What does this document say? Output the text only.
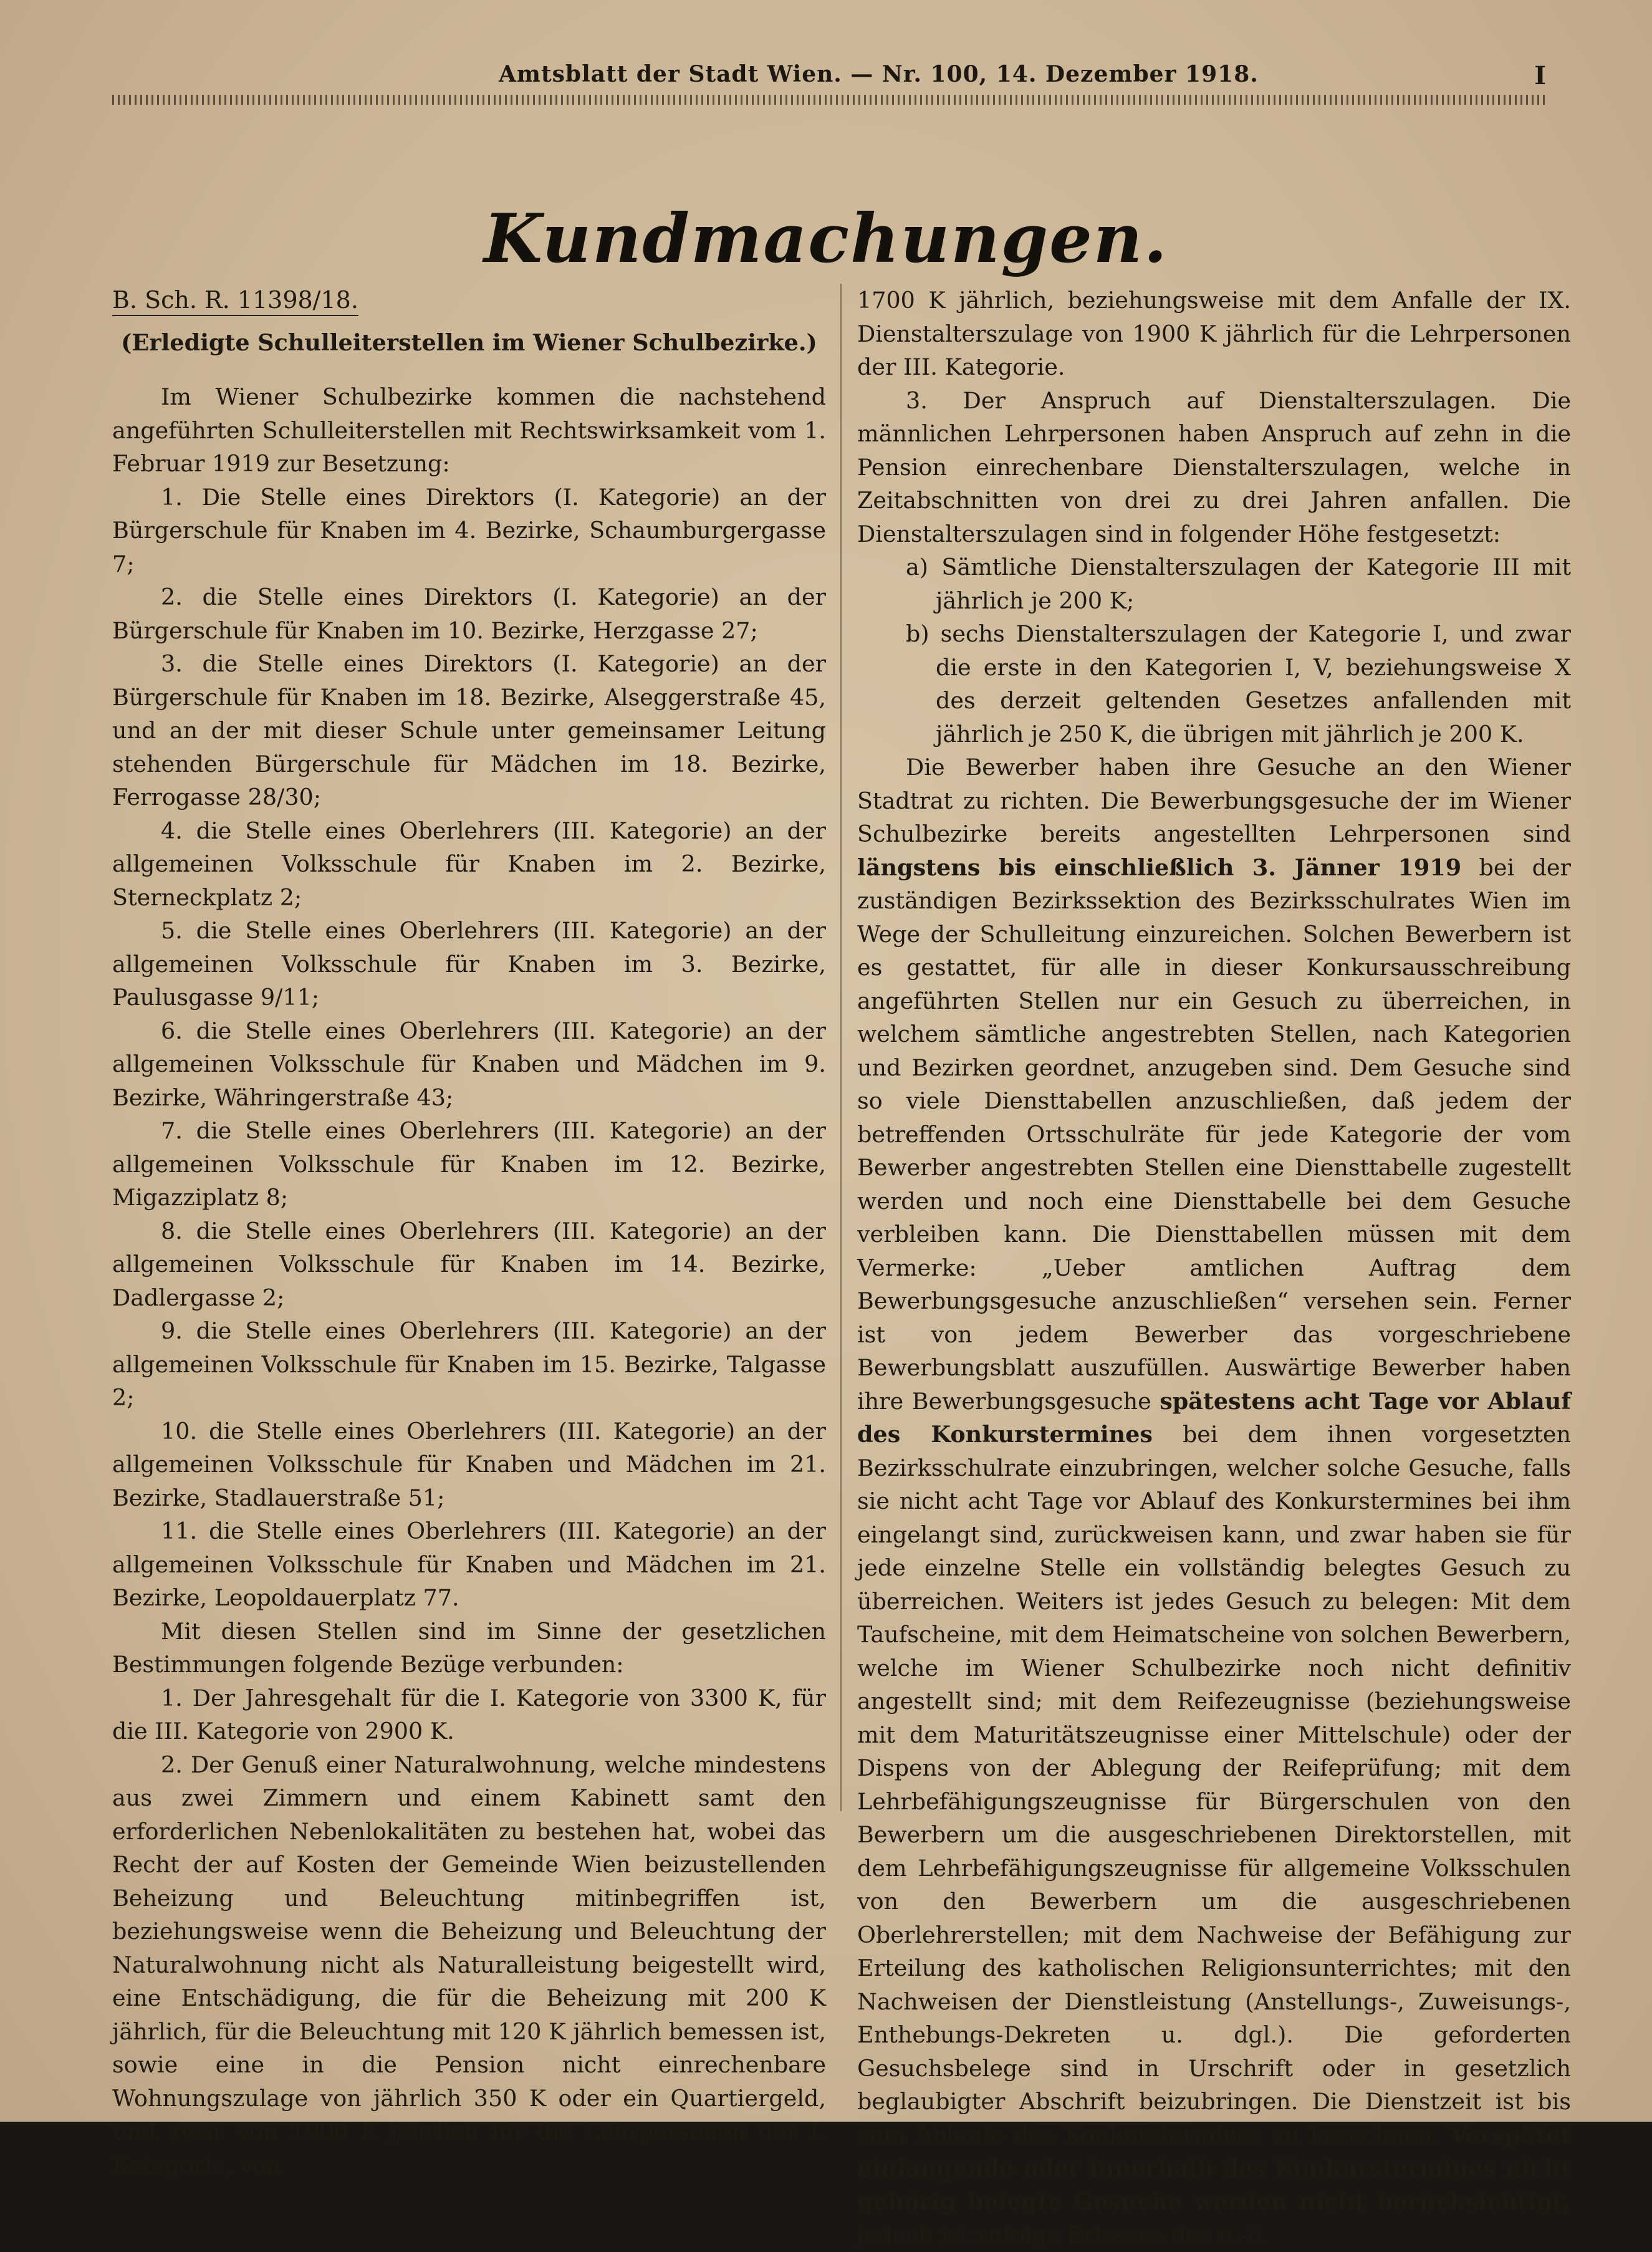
Amtsblatt der Stadt Wien. — Nr. 100, 14. Dezember 1918.	I
Kundmachungen.

B. Sch. R. 11398/18.

(Erledigte Schulleiterstellen im Wiener Schulbezirke.)

Im Wiener Schulbezirke kommen die nachstehend angeführten Schulleiterstellen mit Rechtswirksamkeit vom 1. Februar 1919 zur Besetzung:

1. Die Stelle eines Direktors (I. Kategorie) an der Bürgerschule für Knaben im 4. Bezirke, Schaumburgergasse 7;

2. die Stelle eines Direktors (I. Kategorie) an der Bürgerschule für Knaben im 10. Bezirke, Herzgasse 27;

3. die Stelle eines Direktors (I. Kategorie) an der Bürgerschule für Knaben im 18. Bezirke, Alseggerstraße 45, und an der mit dieser Schule unter gemeinsamer Leitung stehenden Bürgerschule für Mädchen im 18. Bezirke, Ferrogasse 28/30;

4. die Stelle eines Oberlehrers (III. Kategorie) an der allgemeinen Volksschule für Knaben im 2. Bezirke, Sterneckplatz 2;

5. die Stelle eines Oberlehrers (III. Kategorie) an der allgemeinen Volksschule für Knaben im 3. Bezirke, Paulusgasse 9/11;

6. die Stelle eines Oberlehrers (III. Kategorie) an der allgemeinen Volksschule für Knaben und Mädchen im 9. Bezirke, Währingerstraße 43;

7. die Stelle eines Oberlehrers (III. Kategorie) an der allgemeinen Volksschule für Knaben im 12. Bezirke, Migazziplatz 8;

8. die Stelle eines Oberlehrers (III. Kategorie) an der allgemeinen Volksschule für Knaben im 14. Bezirke, Dadlergasse 2;

9. die Stelle eines Oberlehrers (III. Kategorie) an der allgemeinen Volksschule für Knaben im 15. Bezirke, Talgasse 2;

10. die Stelle eines Oberlehrers (III. Kategorie) an der allgemeinen Volksschule für Knaben und Mädchen im 21. Bezirke, Stadlauerstraße 51;

11. die Stelle eines Oberlehrers (III. Kategorie) an der allgemeinen Volksschule für Knaben und Mädchen im 21. Bezirke, Leopoldauerplatz 77.

Mit diesen Stellen sind im Sinne der gesetzlichen Bestimmungen folgende Bezüge verbunden:

1. Der Jahresgehalt für die I. Kategorie von 3300 K, für die III. Kategorie von 2900 K.

2. Der Genuß einer Naturalwohnung, welche mindestens aus zwei Zimmern und einem Kabinett samt den erforderlichen Nebenlokalitäten zu bestehen hat, wobei das Recht der auf Kosten der Gemeinde Wien beizustellenden Beheizung und Beleuchtung mitinbegriffen ist, beziehungsweise wenn die Beheizung und Beleuchtung der Naturalwohnung nicht als Naturalleistung beigestellt wird, eine Entschädigung, die für die Beheizung mit 200 K jährlich, für die Beleuchtung mit 120 K jährlich bemessen ist, sowie eine in die Pension nicht einrechenbare Wohnungszulage von jährlich 350 K oder ein Quartiergeld, und zwar von 1900 K jährlich für die Lehrpersonen der I. Kategorie, von

1700 K jährlich, beziehungsweise mit dem Anfalle der IX. Dienstalterszulage von 1900 K jährlich für die Lehrpersonen der III. Kategorie.

3. Der Anspruch auf Dienstalterszulagen. Die männlichen Lehrpersonen haben Anspruch auf zehn in die Pension einrechenbare Dienstalterszulagen, welche in Zeitabschnitten von drei zu drei Jahren anfallen. Die Dienstalterszulagen sind in folgender Höhe festgesetzt:

a) Sämtliche Dienstalterszulagen der Kategorie III mit jährlich je 200 K;

b) sechs Dienstalterszulagen der Kategorie I, und zwar die erste in den Kategorien I, V, beziehungsweise X des derzeit geltenden Gesetzes anfallenden mit jährlich je 250 K, die übrigen mit jährlich je 200 K.

Die Bewerber haben ihre Gesuche an den Wiener Stadtrat zu richten. Die Bewerbungsgesuche der im Wiener Schulbezirke bereits angestellten Lehrpersonen sind längstens bis einschließlich 3. Jänner 1919 bei der zuständigen Bezirkssektion des Bezirksschulrates Wien im Wege der Schulleitung einzureichen. Solchen Bewerbern ist es gestattet, für alle in dieser Konkursausschreibung angeführten Stellen nur ein Gesuch zu überreichen, in welchem sämtliche angestrebten Stellen, nach Kategorien und Bezirken geordnet, anzugeben sind. Dem Gesuche sind so viele Diensttabellen anzuschließen, daß jedem der betreffenden Ortsschulräte für jede Kategorie der vom Bewerber angestrebten Stellen eine Diensttabelle zugestellt werden und noch eine Diensttabelle bei dem Gesuche verbleiben kann. Die Diensttabellen müssen mit dem Vermerke: „Ueber amtlichen Auftrag dem Bewerbungsgesuche anzuschließen“ versehen sein. Ferner ist von jedem Bewerber das vorgeschriebene Bewerbungsblatt auszufüllen. Auswärtige Bewerber haben ihre Bewerbungsgesuche spätestens acht Tage vor Ablauf des Konkurstermines bei dem ihnen vorgesetzten Bezirksschulrate einzubringen, welcher solche Gesuche, falls sie nicht acht Tage vor Ablauf des Konkurstermines bei ihm eingelangt sind, zurückweisen kann, und zwar haben sie für jede einzelne Stelle ein vollständig belegtes Gesuch zu überreichen. Weiters ist jedes Gesuch zu belegen: Mit dem Taufscheine, mit dem Heimatscheine von solchen Bewerbern, welche im Wiener Schulbezirke noch nicht definitiv angestellt sind; mit dem Reifezeugnisse (beziehungsweise mit dem Maturitätszeugnisse einer Mittelschule) oder der Dispens von der Ablegung der Reifeprüfung; mit dem Lehrbefähigungszeugnisse für Bürgerschulen von den Bewerbern um die ausgeschriebenen Direktorstellen, mit dem Lehrbefähigungszeugnisse für allgemeine Volksschulen von den Bewerbern um die ausgeschriebenen Oberlehrerstellen; mit dem Nachweise der Befähigung zur Erteilung des katholischen Religionsunterrichtes; mit den Nachweisen der Dienstleistung (Anstellungs-, Zuweisungs-, Enthebungs-Dekreten u. dgl.). Die geforderten Gesuchsbelege sind in Urschrift oder in gesetzlich beglaubigter Abschrift beizubringen. Die Dienstzeit ist bis zum Ablaufe des Konkurstermines zu berechnen. Verspätet einlangende oder innerhalb des Konkurstermines nicht gehörig belegte Gesuche werden nicht berücksichtigt, jedoch ist zufolge Erlasses des n.-ö.
